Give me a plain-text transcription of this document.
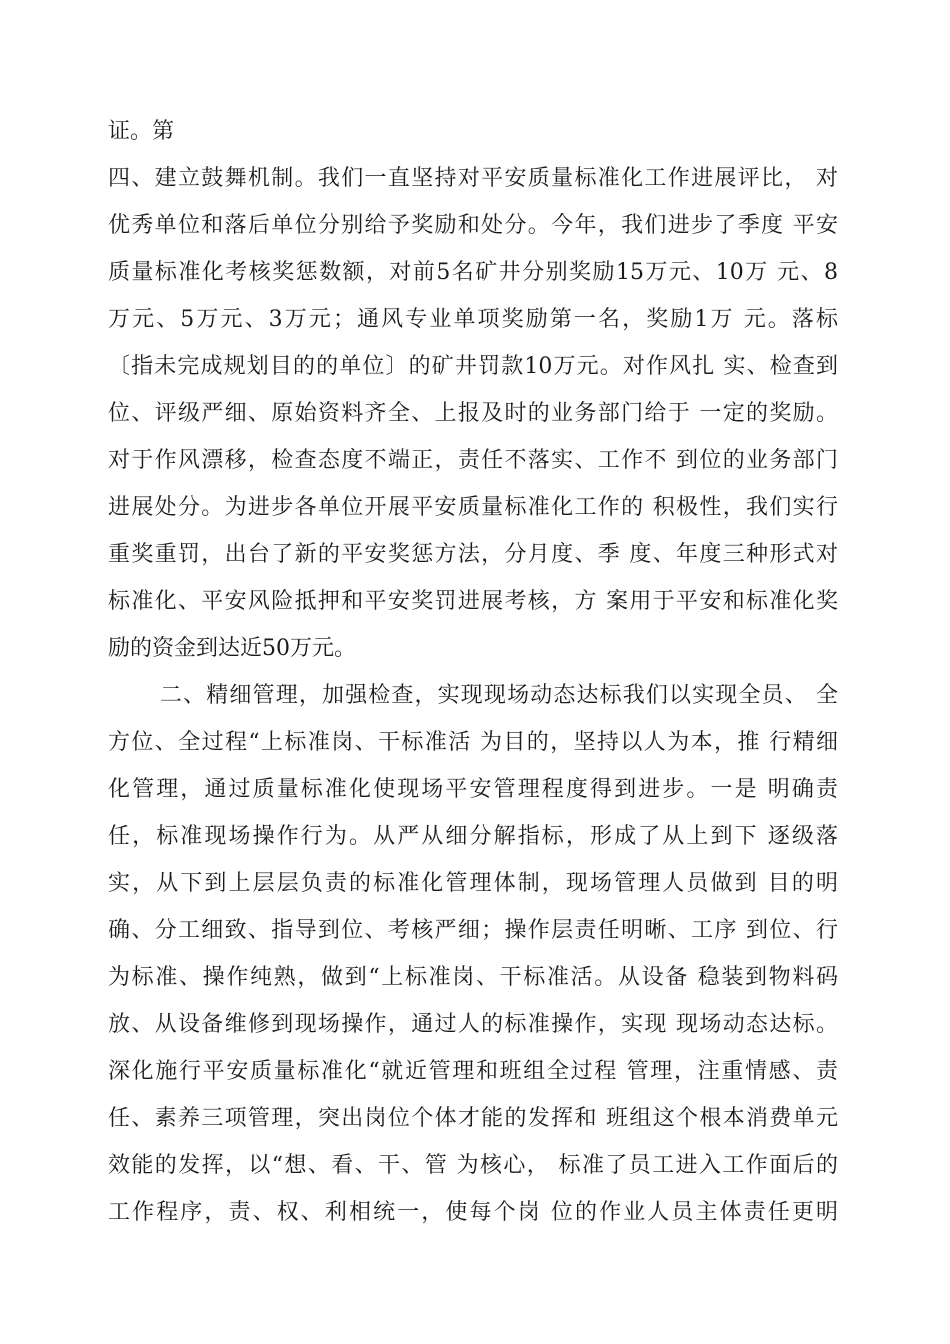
证。第
四、建立鼓舞机制。我们一直坚持对平安质量标准化工作进展评比， 对
优秀单位和落后单位分别给予奖励和处分。今年，我们进步了季度 平安
质量标准化考核奖惩数额，对前5名矿井分别奖励15万元、10万 元、8
万元、5万元、3万元；通风专业单项奖励第一名，奖励1万 元。落标
〔指未完成规划目的的单位〕的矿井罚款10万元。对作风扎 实、检查到
位、评级严细、原始资料齐全、上报及时的业务部门给于 一定的奖励。
对于作风漂移，检查态度不端正，责任不落实、工作不 到位的业务部门
进展处分。为进步各单位开展平安质量标准化工作的 积极性，我们实行
重奖重罚，出台了新的平安奖惩方法，分月度、季 度、年度三种形式对
标准化、平安风险抵押和平安奖罚进展考核，方 案用于平安和标准化奖
励的资金到达近50万元。
二、精细管理，加强检查，实现现场动态达标我们以实现全员、 全
方位、全过程“上标准岗、干标准活 为目的，坚持以人为本，推 行精细
化管理，通过质量标准化使现场平安管理程度得到进步。一是 明确责
任，标准现场操作行为。从严从细分解指标，形成了从上到下 逐级落
实，从下到上层层负责的标准化管理体制，现场管理人员做到 目的明
确、分工细致、指导到位、考核严细；操作层责任明晰、工序 到位、行
为标准、操作纯熟，做到“上标准岗、干标准活。从设备 稳装到物料码
放、从设备维修到现场操作，通过人的标准操作，实现 现场动态达标。
深化施行平安质量标准化“就近管理和班组全过程 管理，注重情感、责
任、素养三项管理，突出岗位个体才能的发挥和 班组这个根本消费单元
效能的发挥，以“想、看、干、管 为核心， 标准了员工进入工作面后的
工作程序，责、权、利相统一，使每个岗 位的作业人员主体责任更明
